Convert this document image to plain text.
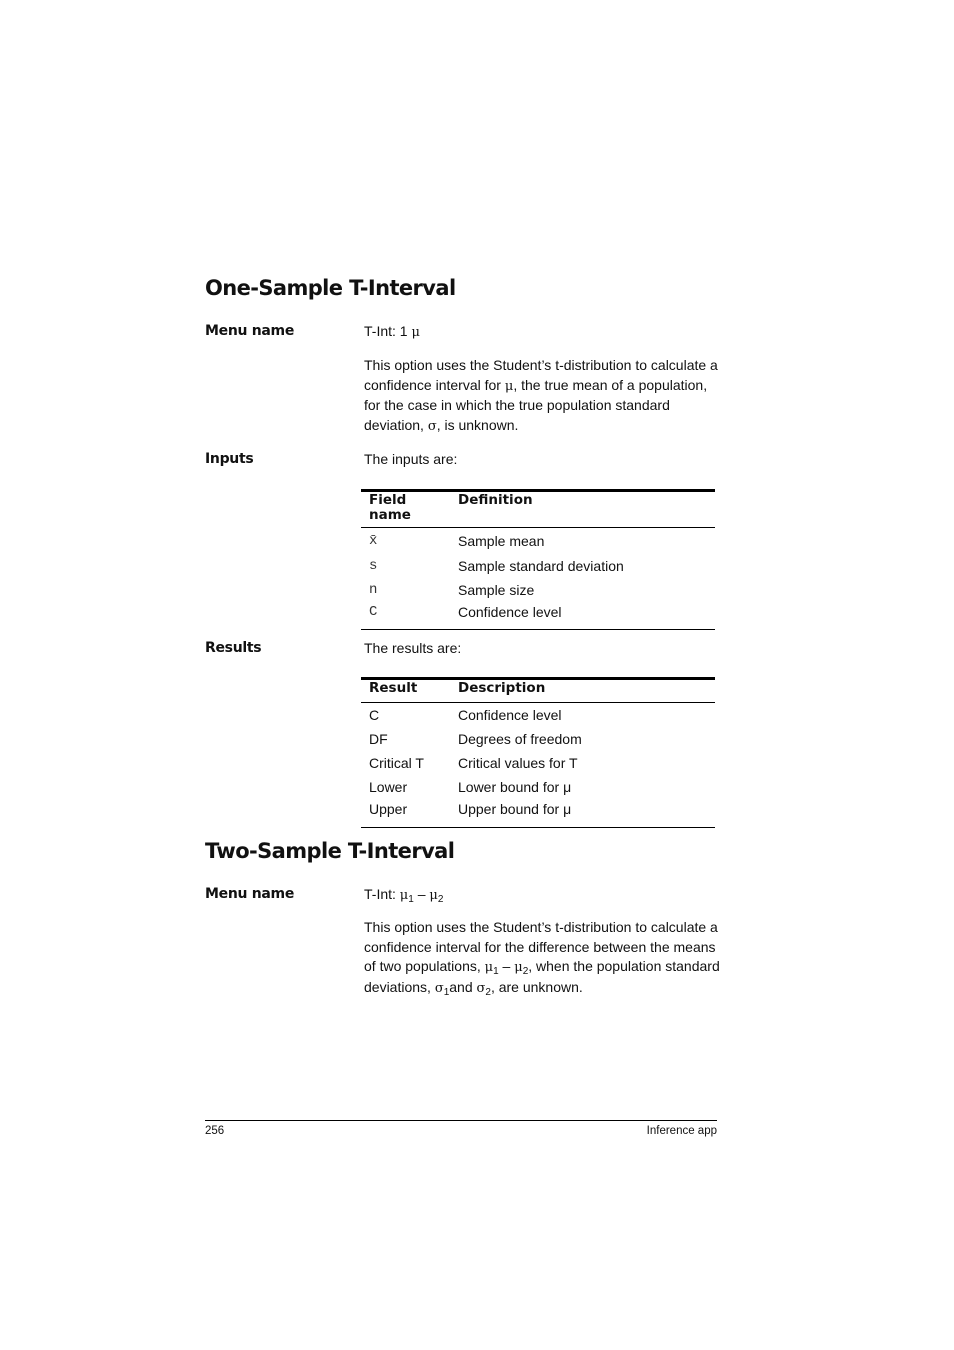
One-Sample T-Interval
Menu name	T-Int: 1 μ
This option uses the Student’s t-distribution to calculate a confidence interval for μ, the true mean of a population, for the case in which the true population standard deviation, σ, is unknown.
Inputs	The inputs are:
Field name	Definition
x̄	Sample mean
s	Sample standard deviation
n	Sample size
C	Confidence level
Results	The results are:
Result	Description
C	Confidence level
DF	Degrees of freedom
Critical T	Critical values for T
Lower	Lower bound for μ
Upper	Upper bound for μ
Two-Sample T-Interval
Menu name	T-Int: $\mu_1 - \mu_2$
This option uses the Student’s t-distribution to calculate a confidence interval for the difference between the means of two populations, $\mu_1 - \mu_2$, when the population standard deviations, $\sigma_1and$ $\sigma_2$, are unknown.
256	Inference app
